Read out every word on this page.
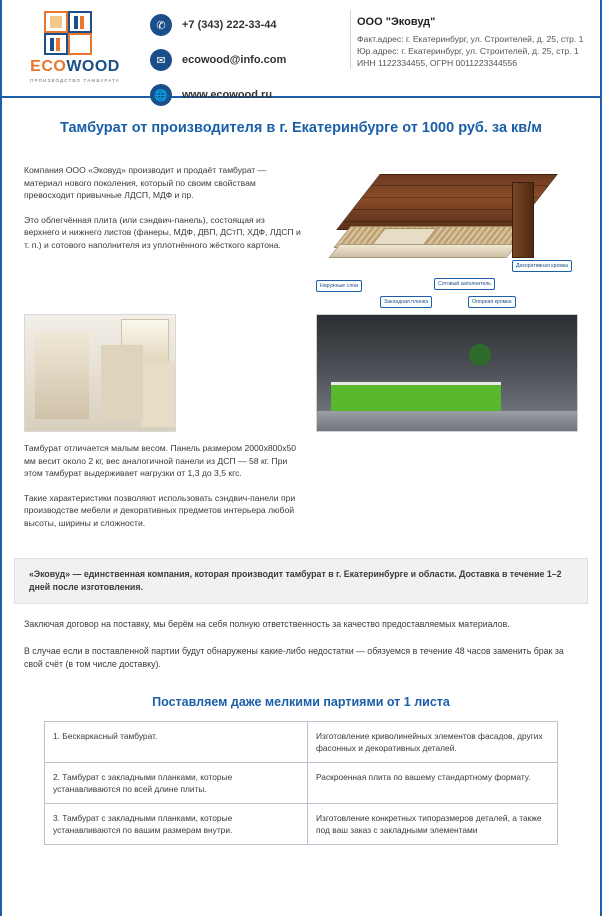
ECOWOOD
ПРОИЗВОДСТВО ТАМБУРАТА
✆	+7 (343) 222-33-44
✉	ecowood@info.com
🌐	www.ecowood.ru
ООО "Эковуд"
Факт.адрес: г. Екатеринбург, ул. Строителей, д. 25, стр. 1
Юр.адрес: г. Екатеринбург, ул. Строителей, д. 25, стр. 1
ИНН 1122334455, ОГРН 0011223344556
Тамбурат от производителя в г. Екатеринбурге от 1000 руб. за кв/м

Компания ООО «Эковуд» производит и продаёт тамбурат — материал нового поколения, который по своим свойствам превосходит привычные ЛДСП, МДФ и пр.

Это облегчённая плита (или сэндвич-панель), состоящая из верхнего и нижнего листов (фанеры, МДФ, ДВП, ДСтП, ХДФ, ЛДСП и т. п.) и сотового наполнителя из уплотнённого жёсткого картона.

Наружные слои
Закладная планка
Сотовый заполнитель
Опорная кромка
Декоративная кромка

Тамбурат отличается малым весом. Панель размером 2000x800x50 мм весит около 2 кг, вес аналогичной панели из ДСП — 58 кг. При этом тамбурат выдерживает нагрузки от 1,3 до 3,5 кгс.

Такие характеристики позволяют использовать сэндвич-панели при производстве мебели и декоративных предметов интерьера любой высоты, ширины и сложности.

«Эковуд» — единственная компания, которая производит тамбурат в г. Екатеринбурге и области. Доставка в течение 1–2 дней после изготовления.

Заключая договор на поставку, мы берём на себя полную ответственность за качество предоставляемых материалов.

В случае если в поставленной партии будут обнаружены какие-либо недостатки — обязуемся в течение 48 часов заменить брак за свой счёт (в том числе доставку).

Поставляем даже мелкими партиями от 1 листа
1. Бескаркасный тамбурат.	Изготовление криволинейных элементов фасадов, других фасонных и декоративных деталей.
2. Тамбурат с закладными планками, которые устанавливаются по всей длине плиты.	Раскроенная плита по вашему стандартному формату.
3. Тамбурат с закладными планками, которые устанавливаются по вашим размерам внутри.	Изготовление конкретных типоразмеров деталей, а также под ваш заказ с закладными элементами
